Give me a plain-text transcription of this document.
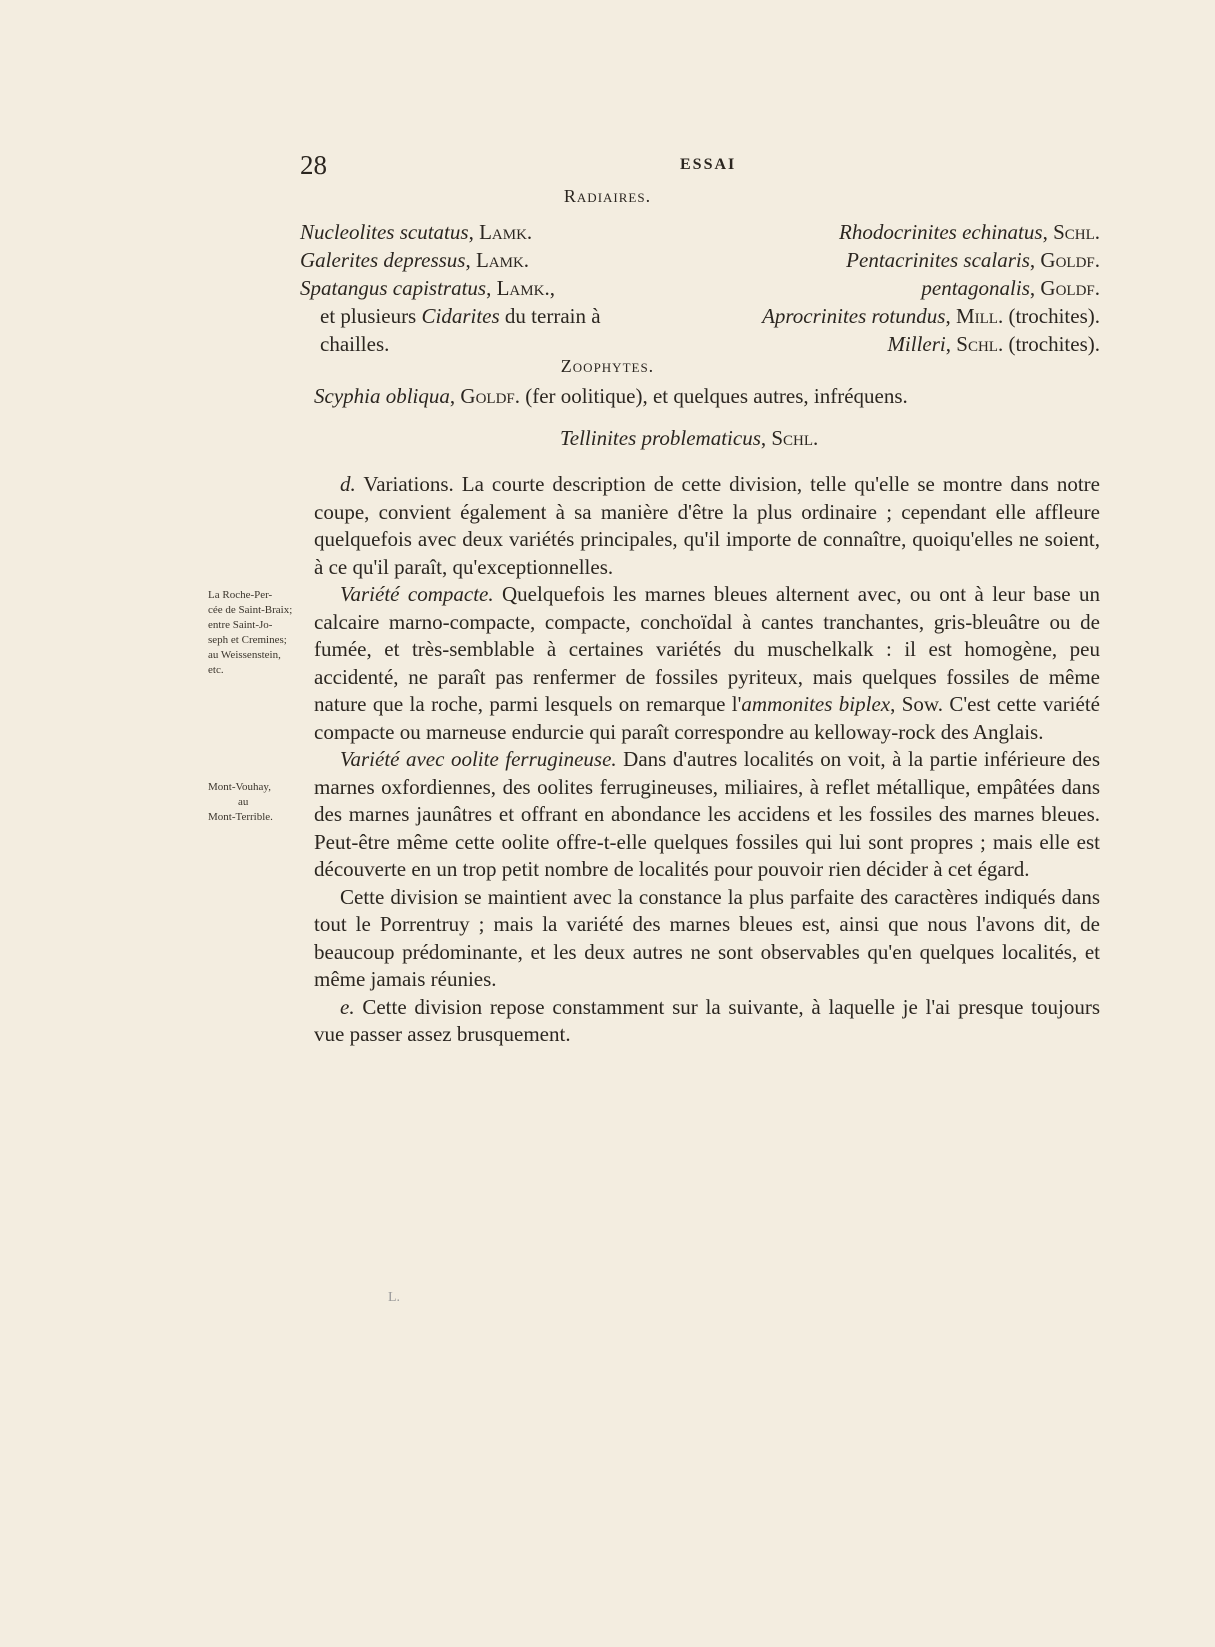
28	ESSAI
Radiaires.
Nucleolites scutatus, Lamk.
Galerites depressus, Lamk.
Spatangus capistratus, Lamk.,
et plusieurs Cidarites du terrain à
chailles.
Rhodocrinites echinatus, Schl.
Pentacrinites scalaris, Goldf.
pentagonalis, Goldf.
Aprocrinites rotundus, Mill. (trochites).
Milleri, Schl. (trochites).
Zoophytes.
Scyphia obliqua, Goldf. (fer oolitique), et quelques autres, infréquens.
Tellinites problematicus, Schl.

d. Variations. La courte description de cette division, telle qu'elle se montre dans notre coupe, convient également à sa manière d'être la plus ordinaire ; cependant elle affleure quelquefois avec deux variétés principales, qu'il importe de connaître, quoiqu'elles ne soient, à ce qu'il paraît, qu'exceptionnelles.

Variété compacte. Quelquefois les marnes bleues alternent avec, ou ont à leur base un calcaire marno-compacte, compacte, conchoïdal à cantes tranchantes, gris-bleuâtre ou de fumée, et très-semblable à certaines variétés du muschelkalk : il est homogène, peu accidenté, ne paraît pas renfermer de fossiles pyriteux, mais quelques fossiles de même nature que la roche, parmi lesquels on remarque l'ammonites biplex, Sow. C'est cette variété compacte ou marneuse endurcie qui paraît correspondre au kelloway-rock des Anglais.

Variété avec oolite ferrugineuse. Dans d'autres localités on voit, à la partie inférieure des marnes oxfordiennes, des oolites ferrugineuses, miliaires, à reflet métallique, empâtées dans des marnes jaunâtres et offrant en abondance les accidens et les fossiles des marnes bleues. Peut-être même cette oolite offre-t-elle quelques fossiles qui lui sont propres ; mais elle est découverte en un trop petit nombre de localités pour pouvoir rien décider à cet égard.

Cette division se maintient avec la constance la plus parfaite des caractères indiqués dans tout le Porrentruy ; mais la variété des marnes bleues est, ainsi que nous l'avons dit, de beaucoup prédominante, et les deux autres ne sont observables qu'en quelques localités, et même jamais réunies.

e. Cette division repose constamment sur la suivante, à laquelle je l'ai presque toujours vue passer assez brusquement.

La Roche-Per-
cée de Saint-Braix;
entre Saint-Jo-
seph et Cremines;
au Weissenstein,
etc.
Mont-Vouhay,
au
Mont-Terrible.
L.
